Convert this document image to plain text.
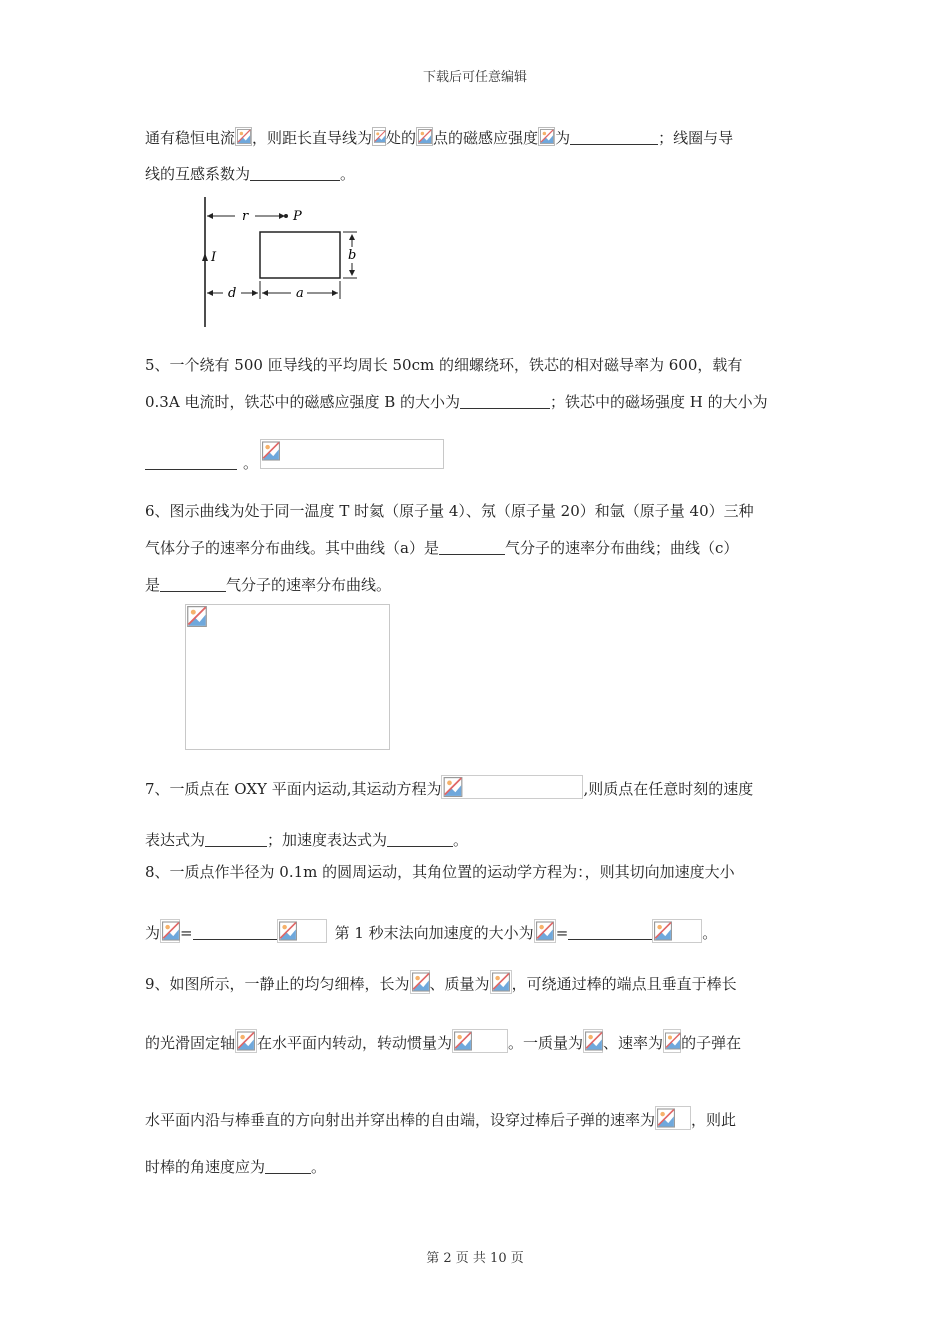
下载后可任意编辑
通有稳恒电流 ，则距长直导线为 处的 点的磁感应强度 为	；线圈与导
线的互感系数为	。
r	P
I	b
d	a
5、一个绕有 500 匝导线的平均周长 50cm 的细螺绕环，铁芯的相对磁导率为 600，载有
0.3A 电流时，铁芯中的磁感应强度 B 的大小为	；铁芯中的磁场强度 H 的大小为
。
6、图示曲线为处于同一温度 T 时氦（原子量 4）、氖（原子量 20）和氩（原子量 40）三种
气体分子的速率分布曲线。其中曲线（a）是	气分子的速率分布曲线；曲线（c）
是	气分子的速率分布曲线。
7、一质点在 OXY 平面内运动,其运动方程为	,则质点在任意时刻的速度
表达式为	；加速度表达式为	。
8、一质点作半径为 0.1m 的圆周运动，其角位置的运动学方程为：，则其切向加速度大小
为 =	第 1 秒末法向加速度的大小为 =	。
9、如图所示，一静止的均匀细棒，长为 、质量为 ，可绕通过棒的端点且垂直于棒长
的光滑固定轴 在水平面内转动，转动惯量为	。一质量为 、速率为 的子弹在
水平面内沿与棒垂直的方向射出并穿出棒的自由端，设穿过棒后子弹的速率为 ，则此
时棒的角速度应为	。
第 2 页 共 10 页
